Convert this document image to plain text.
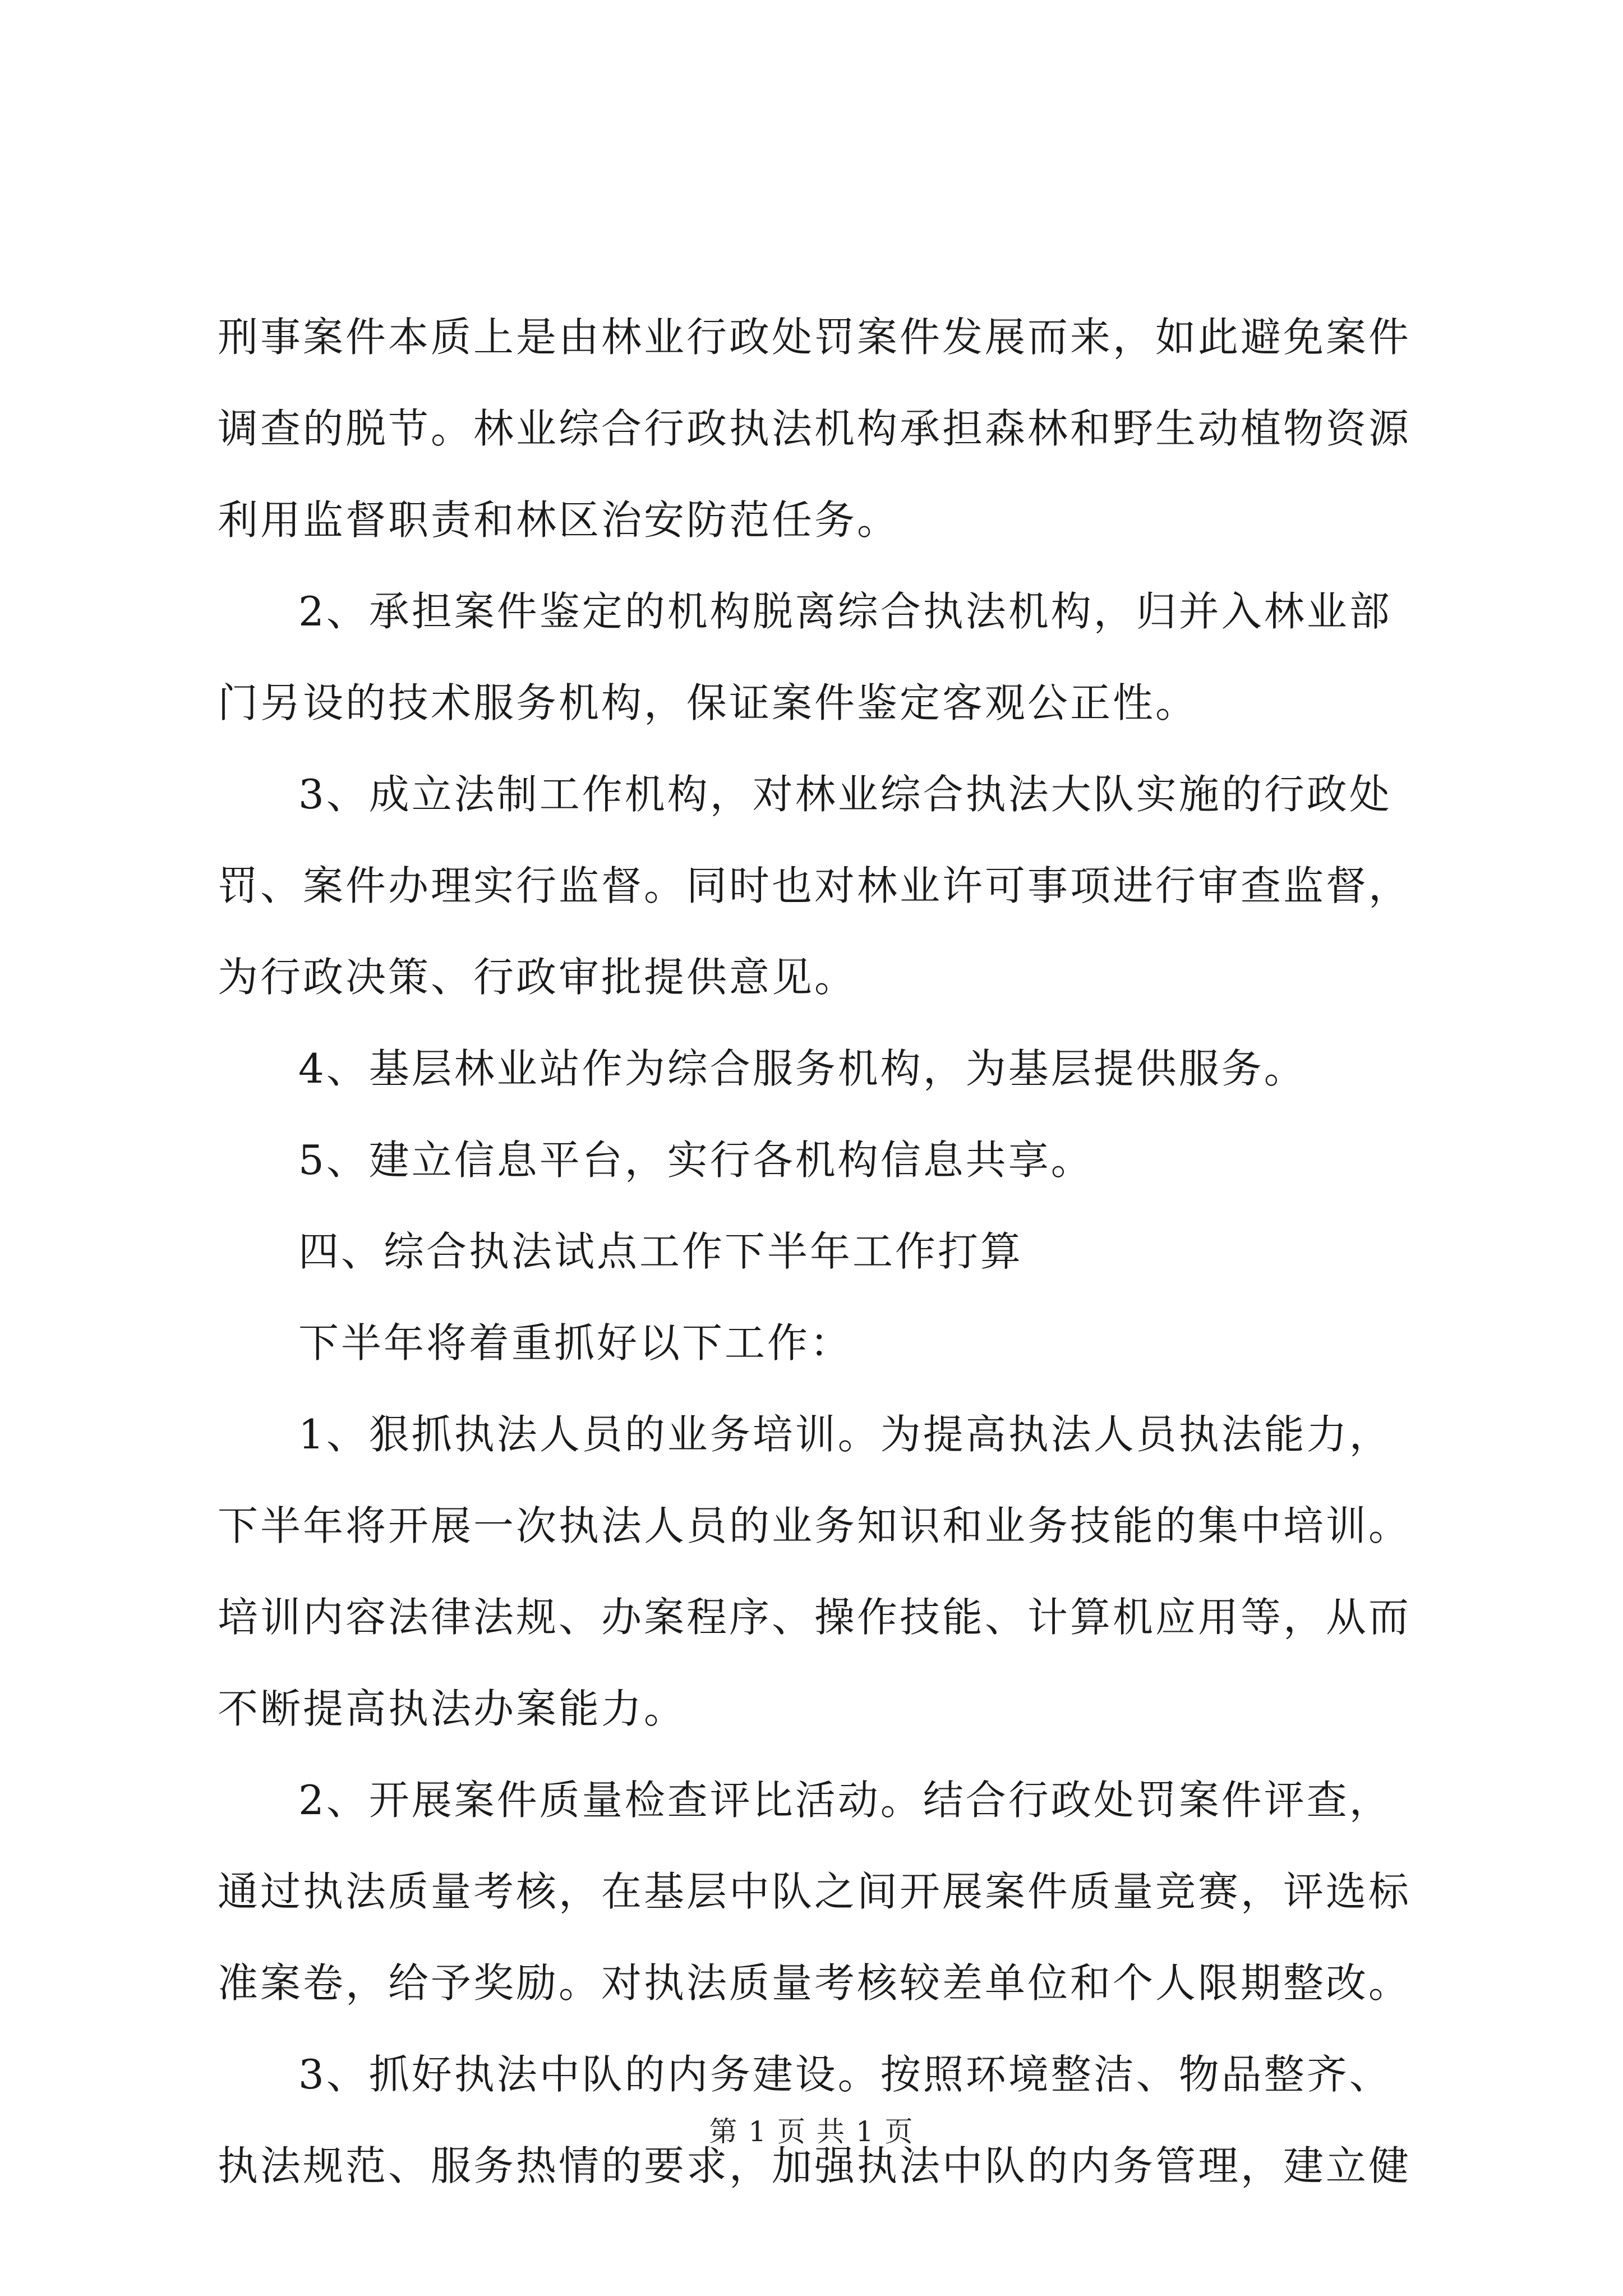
刑事案件本质上是由林业行政处罚案件发展而来，如此避免案件
调查的脱节。林业综合行政执法机构承担森林和野生动植物资源
利用监督职责和林区治安防范任务。
2、承担案件鉴定的机构脱离综合执法机构，归并入林业部
门另设的技术服务机构，保证案件鉴定客观公正性。
3、成立法制工作机构，对林业综合执法大队实施的行政处
罚、案件办理实行监督。同时也对林业许可事项进行审查监督，
为行政决策、行政审批提供意见。
4、基层林业站作为综合服务机构，为基层提供服务。
5、建立信息平台，实行各机构信息共享。
四、综合执法试点工作下半年工作打算
下半年将着重抓好以下工作：
1、狠抓执法人员的业务培训。为提高执法人员执法能力，
下半年将开展一次执法人员的业务知识和业务技能的集中培训。
培训内容法律法规、办案程序、操作技能、计算机应用等，从而
不断提高执法办案能力。
2、开展案件质量检查评比活动。结合行政处罚案件评查，
通过执法质量考核，在基层中队之间开展案件质量竞赛，评选标
准案卷，给予奖励。对执法质量考核较差单位和个人限期整改。
3、抓好执法中队的内务建设。按照环境整洁、物品整齐、
执法规范、服务热情的要求，加强执法中队的内务管理，建立健
第 1 页 共 1 页
